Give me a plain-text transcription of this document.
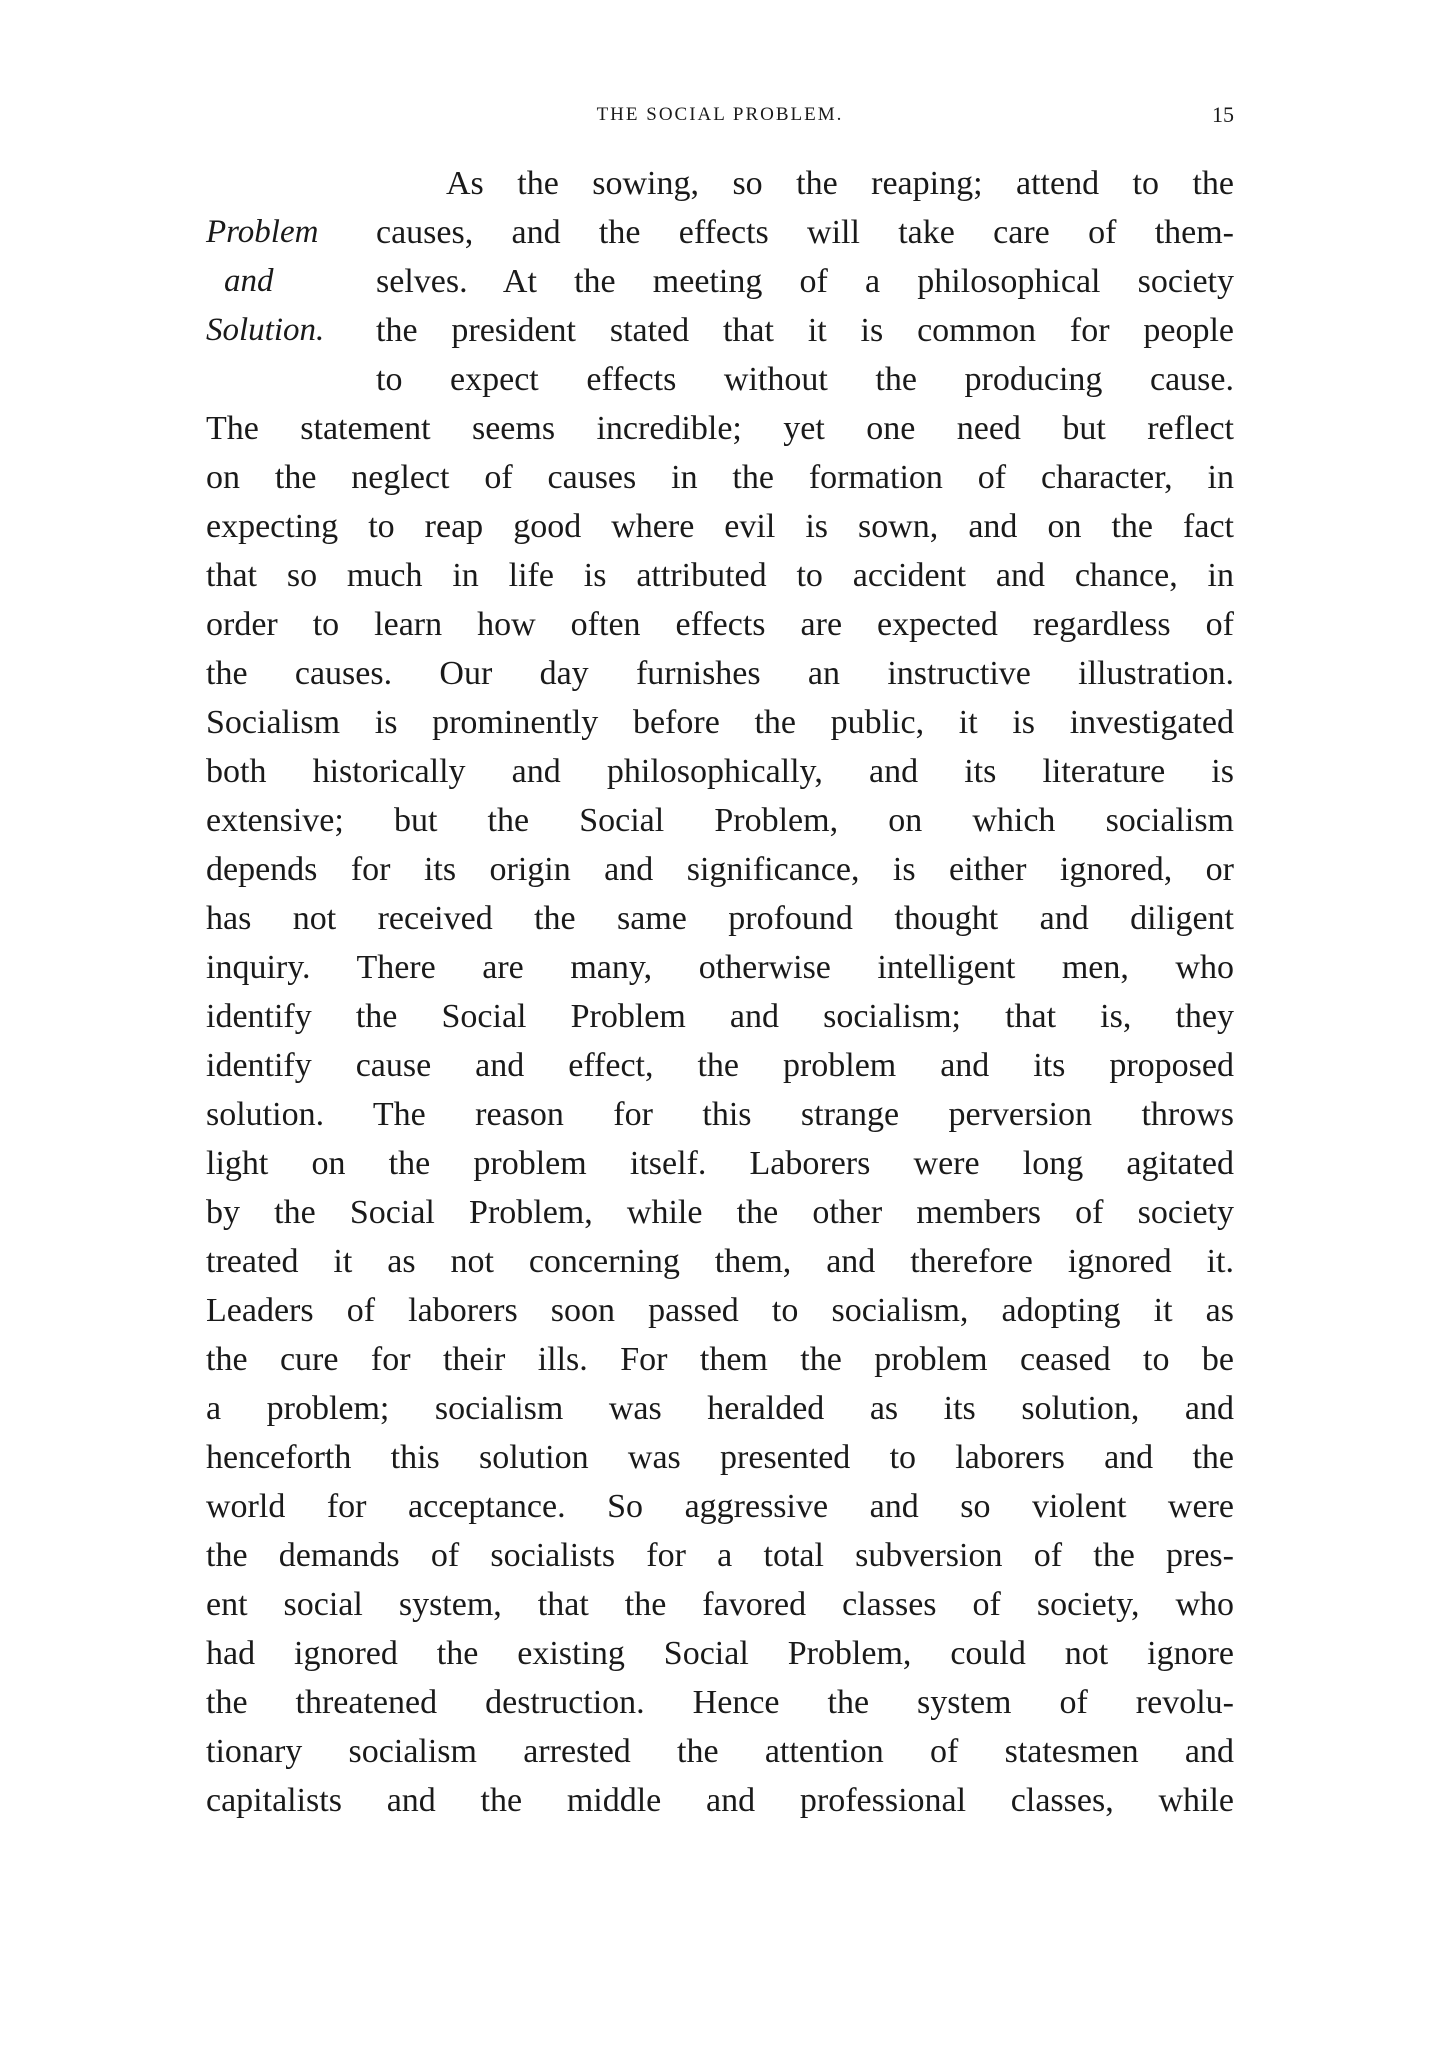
THE SOCIAL PROBLEM.	15
Problem
and
Solution.
As the sowing, so the reaping; attend to the
causes, and the effects will take care of them-
selves. At the meeting of a philosophical society
the president stated that it is common for people
to expect effects without the producing cause.
The statement seems incredible; yet one need but reflect
on the neglect of causes in the formation of character, in
expecting to reap good where evil is sown, and on the fact
that so much in life is attributed to accident and chance, in
order to learn how often effects are expected regardless of
the causes. Our day furnishes an instructive illustration.
Socialism is prominently before the public, it is investigated
both historically and philosophically, and its literature is
extensive; but the Social Problem, on which socialism
depends for its origin and significance, is either ignored, or
has not received the same profound thought and diligent
inquiry. There are many, otherwise intelligent men, who
identify the Social Problem and socialism; that is, they
identify cause and effect, the problem and its proposed
solution. The reason for this strange perversion throws
light on the problem itself. Laborers were long agitated
by the Social Problem, while the other members of society
treated it as not concerning them, and therefore ignored it.
Leaders of laborers soon passed to socialism, adopting it as
the cure for their ills. For them the problem ceased to be
a problem; socialism was heralded as its solution, and
henceforth this solution was presented to laborers and the
world for acceptance. So aggressive and so violent were
the demands of socialists for a total subversion of the pres-
ent social system, that the favored classes of society, who
had ignored the existing Social Problem, could not ignore
the threatened destruction. Hence the system of revolu-
tionary socialism arrested the attention of statesmen and
capitalists and the middle and professional classes, while
